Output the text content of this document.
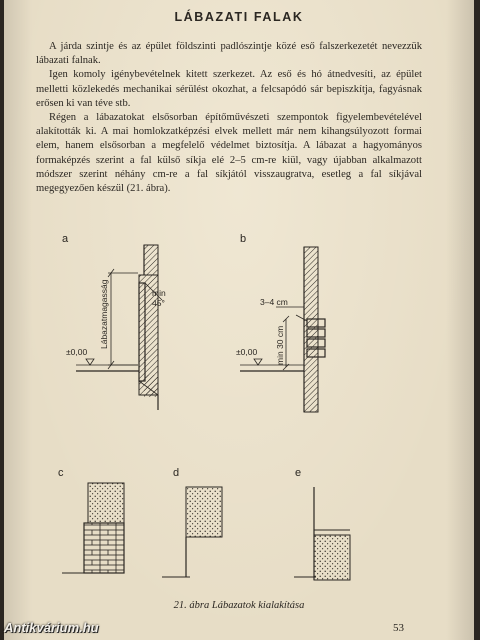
LÁBAZATI FALAK

A járda szintje és az épület földszinti padlószintje közé eső falszerkezetét nevezzük lábazati falnak.

Igen komoly igénybevételnek kitett szerkezet. Az eső és hó átnedvesíti, az épület melletti közlekedés mechanikai sérülést okozhat, a felcsapódó sár bepiszkítja, fagyásnak erősen ki van téve stb.

Régen a lábazatokat elsősorban építőművészeti szempontok figyelembevételével alakították ki. A mai homlokzatképzési elvek mellett már nem kihangsúlyozott formai elem, hanem elsősorban a megfelelő védelmet biztosítja. A lábazat a hagyományos formaképzés szerint a fal külső síkja elé 2–5 cm-re kiül, vagy újabban alkalmazott módszer szerint néhány cm-re a fal síkjától visszaugratva, esetleg a fal síkjával megegyezően készül (21. ábra).

a
Lábazatmagasság	min
45°
±0,00
b
3–4 cm
min 30 cm
±0,00
c	d	e
21. ábra Lábazatok kialakítása
53
Antikvárium.hu
